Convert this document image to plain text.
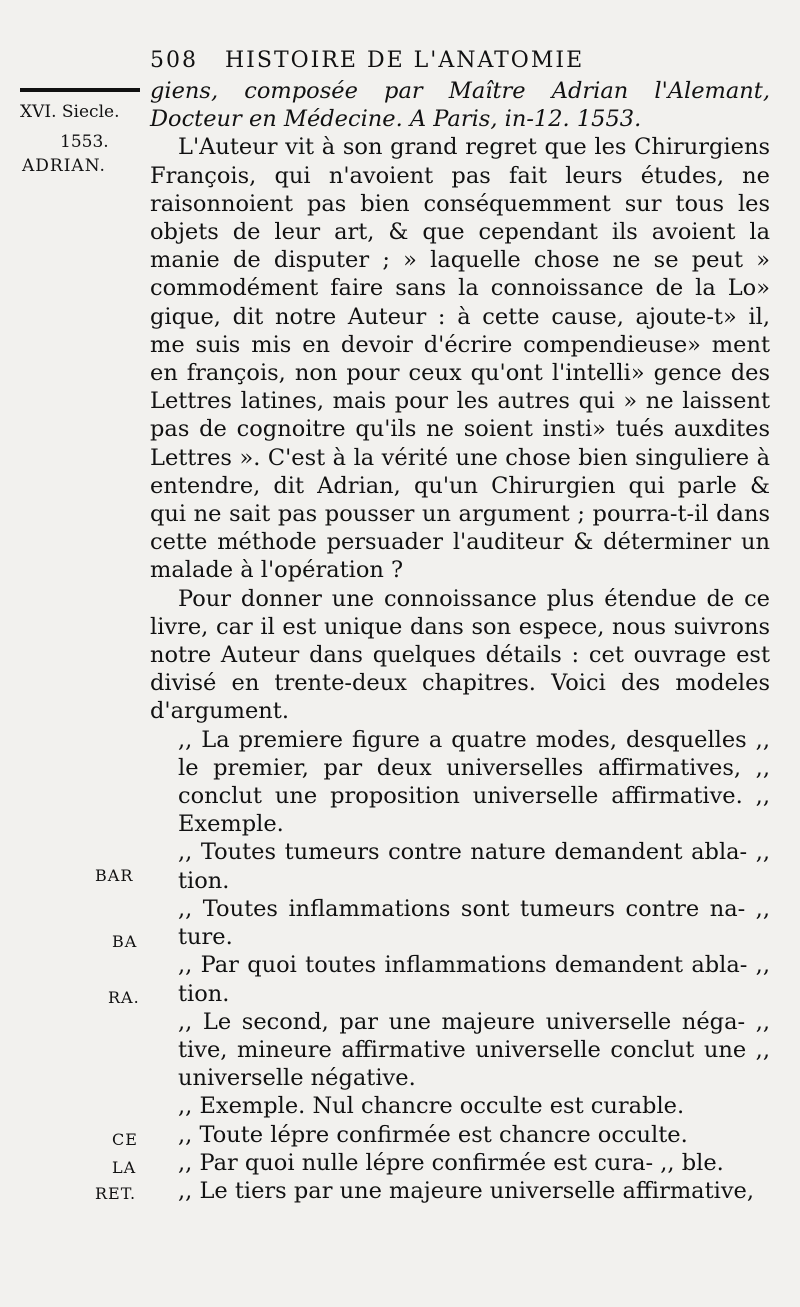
508 HISTOIRE DE L'ANATOMIE
XVI. Siecle.
1553.
ADRIAN.
BAR
BA
RA.
CE
LA
RET.

giens, composée par Maître Adrian l'Alemant, Docteur en Médecine. A Paris, in-12. 1553.

L'Auteur vit à son grand regret que les Chirurgiens François, qui n'avoient pas fait leurs études, ne raisonnoient pas bien conséquemment sur tous les objets de leur art, & que cependant ils avoient la manie de disputer ; » laquelle chose ne se peut » commodément faire sans la connoissance de la Lo» gique, dit notre Auteur : à cette cause, ajoute-t» il, me suis mis en devoir d'écrire compendieuse» ment en françois, non pour ceux qu'ont l'intelli» gence des Lettres latines, mais pour les autres qui » ne laissent pas de cognoitre qu'ils ne soient insti» tués auxdites Lettres ». C'est à la vérité une chose bien singuliere à entendre, dit Adrian, qu'un Chirurgien qui parle & qui ne sait pas pousser un argument ; pourra-t-il dans cette méthode persuader l'auditeur & déterminer un malade à l'opération ?

Pour donner une connoissance plus étendue de ce livre, car il est unique dans son espece, nous suivrons notre Auteur dans quelques détails : cet ouvrage est divisé en trente-deux chapitres. Voici des modeles d'argument.

,, La premiere figure a quatre modes, desquelles ,, le premier, par deux universelles affirmatives, ,, conclut une proposition universelle affirmative. ,, Exemple.

,, Toutes tumeurs contre nature demandent abla- ,, tion.

,, Toutes inflammations sont tumeurs contre na- ,, ture.

,, Par quoi toutes inflammations demandent abla- ,, tion.

,, Le second, par une majeure universelle néga- ,, tive, mineure affirmative universelle conclut une ,, universelle négative.

,, Exemple. Nul chancre occulte est curable.

,, Toute lépre confirmée est chancre occulte.

,, Par quoi nulle lépre confirmée est cura- ,, ble.

,, Le tiers par une majeure universelle affirmative,
